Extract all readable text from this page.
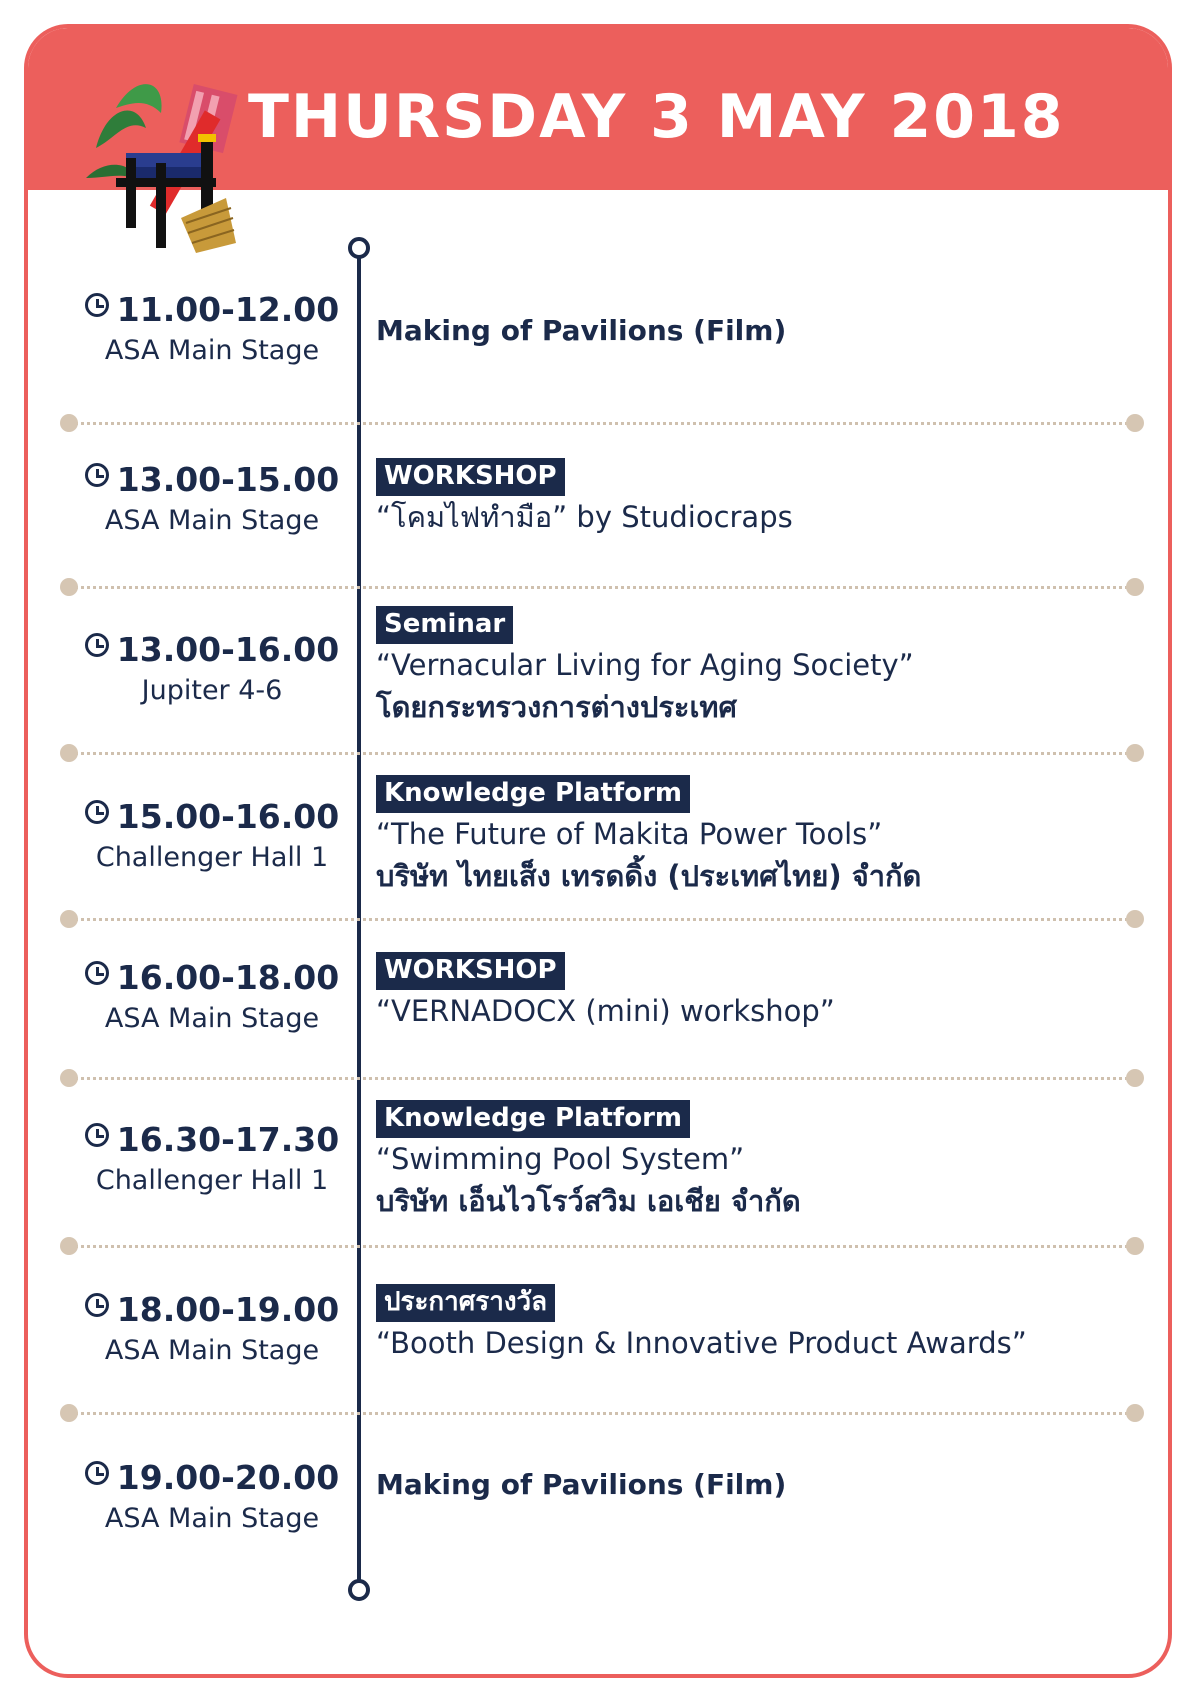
THURSDAY 3 MAY 2018
11.00-12.00
ASA Main Stage
Making of Pavilions (Film)
13.00-15.00
ASA Main Stage
WORKSHOP
“โคมไฟทำมือ” by Studiocraps
13.00-16.00
Jupiter 4-6
Seminar
“Vernacular Living for Aging Society”
โดยกระทรวงการต่างประเทศ
15.00-16.00
Challenger Hall 1
Knowledge Platform
“The Future of Makita Power Tools”
บริษัท ไทยเส็ง เทรดดิ้ง (ประเทศไทย) จำกัด
16.00-18.00
ASA Main Stage
WORKSHOP
“VERNADOCX (mini) workshop”
16.30-17.30
Challenger Hall 1
Knowledge Platform
“Swimming Pool System”
บริษัท เอ็นไวโรว์สวิม เอเชีย จำกัด
18.00-19.00
ASA Main Stage
ประกาศรางวัล
“Booth Design & Innovative Product Awards”
19.00-20.00
ASA Main Stage
Making of Pavilions (Film)
